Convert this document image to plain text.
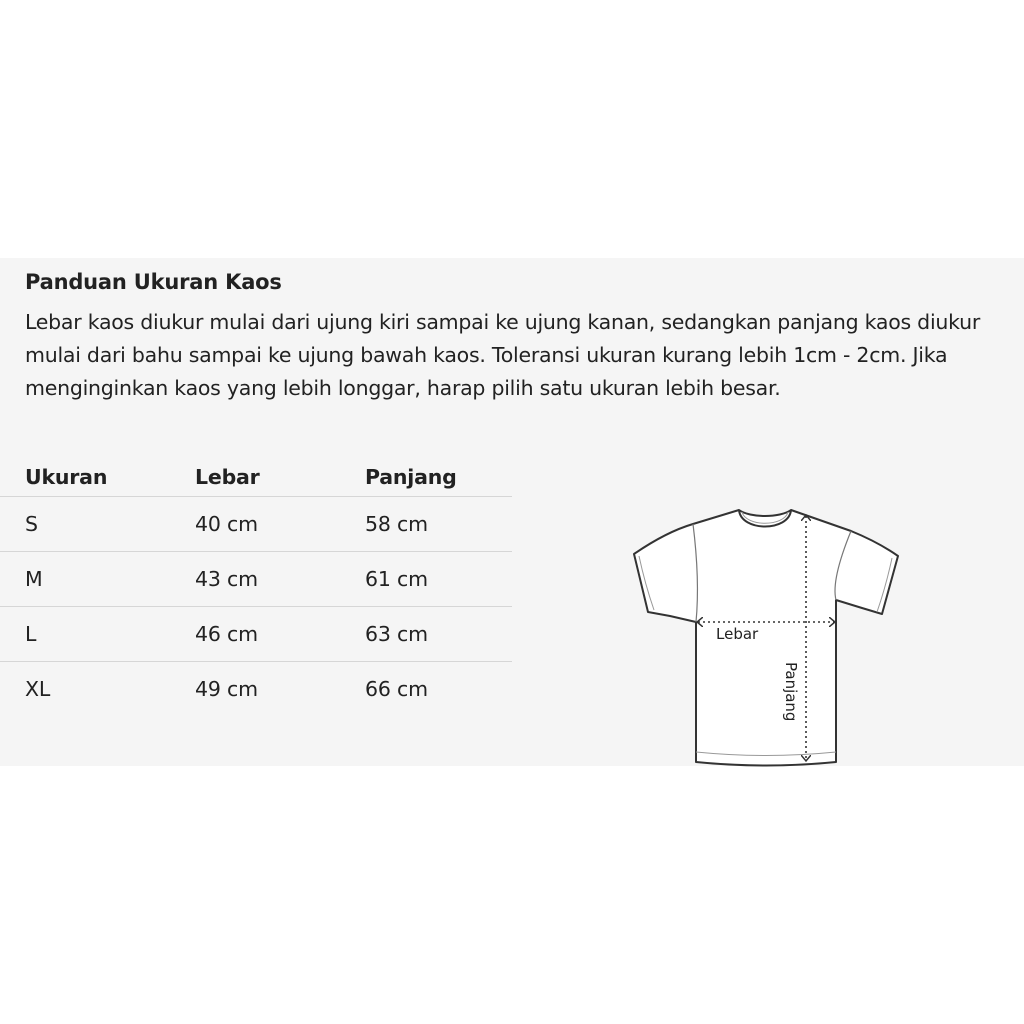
Panduan Ukuran Kaos
Lebar kaos diukur mulai dari ujung kiri sampai ke ujung kanan, sedangkan panjang kaos diukur mulai dari bahu sampai ke ujung bawah kaos. Toleransi ukuran kurang lebih 1cm - 2cm. Jika menginginkan kaos yang lebih longgar, harap pilih satu ukuran lebih besar.
Ukuran	Lebar	Panjang
S	40 cm	58 cm
M	43 cm	61 cm
L	46 cm	63 cm
XL	49 cm	66 cm
Lebar
Panjang
